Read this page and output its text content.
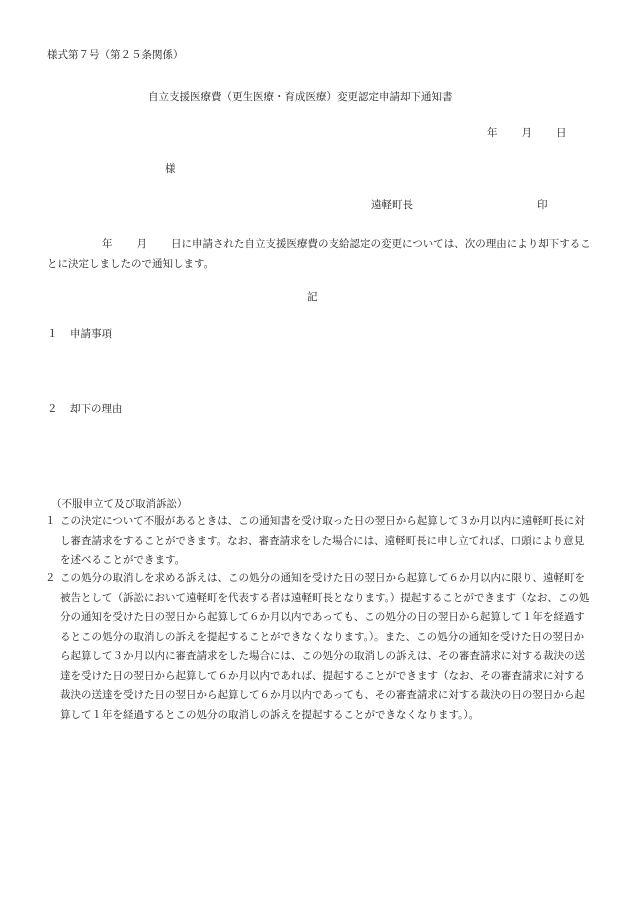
様式第７号（第２５条関係）
自立支援医療費（更生医療・育成医療）変更認定申請却下通知書
年 月 日
様
遠軽町長	印
年 月 日に申請された自立支援医療費の支給認定の変更については、次の理由により却下することに決定しましたので通知します。
記
１ 申請事項
２ 却下の理由
（不服申立て及び取消訴訟）
１ この決定について不服があるときは、この通知書を受け取った日の翌日から起算して３か月以内に遠軽町長に対し審査請求をすることができます。なお、審査請求をした場合には、遠軽町長に申し立てれば、口頭により意見を述べることができます。
２ この処分の取消しを求める訴えは、この処分の通知を受けた日の翌日から起算して６か月以内に限り、遠軽町を被告として（訴訟において遠軽町を代表する者は遠軽町長となります。）提起することができます（なお、この処分の通知を受けた日の翌日から起算して６か月以内であっても、この処分の日の翌日から起算して１年を経過するとこの処分の取消しの訴えを提起することができなくなります。）。また、この処分の通知を受けた日の翌日から起算して３か月以内に審査請求をした場合には、この処分の取消しの訴えは、その審査請求に対する裁決の送達を受けた日の翌日から起算して６か月以内であれば、提起することができます（なお、その審査請求に対する裁決の送達を受けた日の翌日から起算して６か月以内であっても、その審査請求に対する裁決の日の翌日から起算して１年を経過するとこの処分の取消しの訴えを提起することができなくなります。）。
